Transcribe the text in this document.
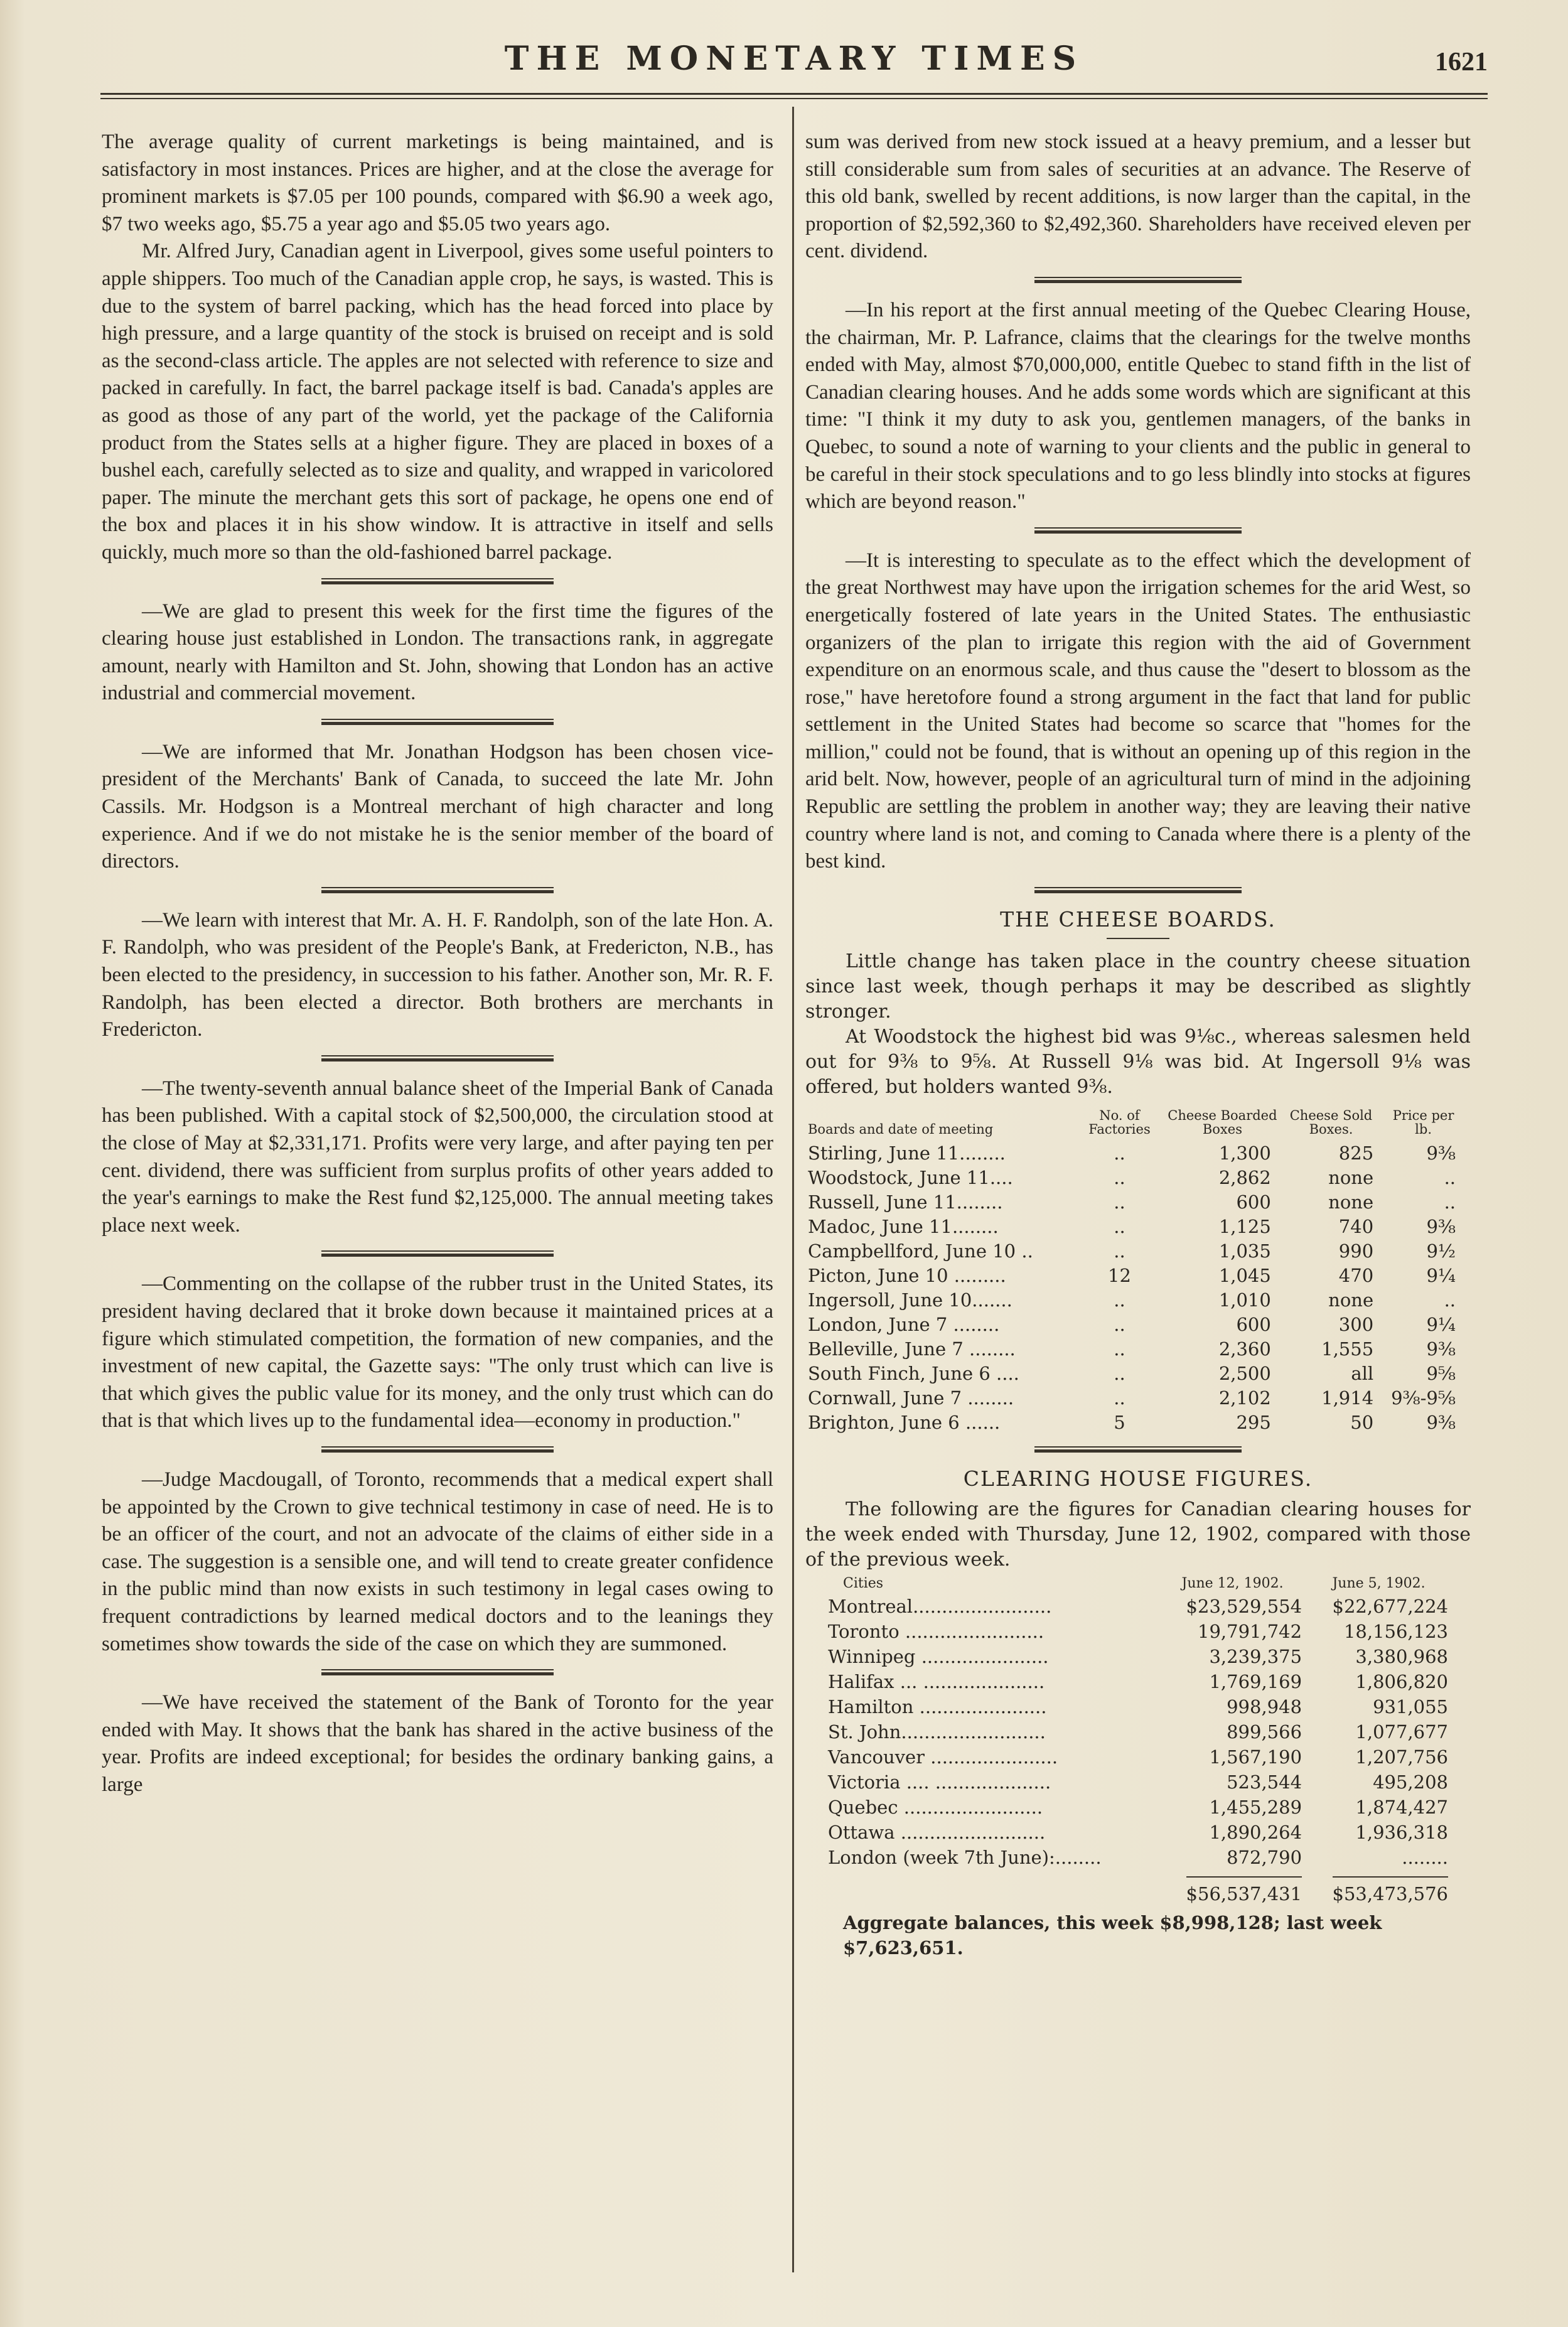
THE MONETARY TIMES	1621

The average quality of current marketings is being maintained, and is satisfactory in most instances. Prices are higher, and at the close the average for prominent markets is $7.05 per 100 pounds, compared with $6.90 a week ago, $7 two weeks ago, $5.75 a year ago and $5.05 two years ago.

Mr. Alfred Jury, Canadian agent in Liverpool, gives some useful pointers to apple shippers. Too much of the Canadian apple crop, he says, is wasted. This is due to the system of barrel packing, which has the head forced into place by high pressure, and a large quantity of the stock is bruised on receipt and is sold as the second-class article. The apples are not selected with reference to size and packed in carefully. In fact, the barrel package itself is bad. Canada's apples are as good as those of any part of the world, yet the package of the California product from the States sells at a higher figure. They are placed in boxes of a bushel each, carefully selected as to size and quality, and wrapped in varicolored paper. The minute the merchant gets this sort of package, he opens one end of the box and places it in his show window. It is attractive in itself and sells quickly, much more so than the old-fashioned barrel package.

—We are glad to present this week for the first time the figures of the clearing house just established in London. The transactions rank, in aggregate amount, nearly with Hamilton and St. John, showing that London has an active industrial and commercial movement.

—We are informed that Mr. Jonathan Hodgson has been chosen vice-president of the Merchants' Bank of Canada, to succeed the late Mr. John Cassils. Mr. Hodgson is a Montreal merchant of high character and long experience. And if we do not mistake he is the senior member of the board of directors.

—We learn with interest that Mr. A. H. F. Randolph, son of the late Hon. A. F. Randolph, who was president of the People's Bank, at Fredericton, N.B., has been elected to the presidency, in succession to his father. Another son, Mr. R. F. Randolph, has been elected a director. Both brothers are merchants in Fredericton.

—The twenty-seventh annual balance sheet of the Imperial Bank of Canada has been published. With a capital stock of $2,500,000, the circulation stood at the close of May at $2,331,171. Profits were very large, and after paying ten per cent. dividend, there was sufficient from surplus profits of other years added to the year's earnings to make the Rest fund $2,125,000. The annual meeting takes place next week.

—Commenting on the collapse of the rubber trust in the United States, its president having declared that it broke down because it maintained prices at a figure which stimulated competition, the formation of new companies, and the investment of new capital, the Gazette says: "The only trust which can live is that which gives the public value for its money, and the only trust which can do that is that which lives up to the fundamental idea—economy in production."

—Judge Macdougall, of Toronto, recommends that a medical expert shall be appointed by the Crown to give technical testimony in case of need. He is to be an officer of the court, and not an advocate of the claims of either side in a case. The suggestion is a sensible one, and will tend to create greater confidence in the public mind than now exists in such testimony in legal cases owing to frequent contradictions by learned medical doctors and to the leanings they sometimes show towards the side of the case on which they are summoned.

—We have received the statement of the Bank of Toronto for the year ended with May. It shows that the bank has shared in the active business of the year. Profits are indeed exceptional; for besides the ordinary banking gains, a large

sum was derived from new stock issued at a heavy premium, and a lesser but still considerable sum from sales of securities at an advance. The Reserve of this old bank, swelled by recent additions, is now larger than the capital, in the proportion of $2,592,360 to $2,492,360. Shareholders have received eleven per cent. dividend.

—In his report at the first annual meeting of the Quebec Clearing House, the chairman, Mr. P. Lafrance, claims that the clearings for the twelve months ended with May, almost $70,000,000, entitle Quebec to stand fifth in the list of Canadian clearing houses. And he adds some words which are significant at this time: "I think it my duty to ask you, gentlemen managers, of the banks in Quebec, to sound a note of warning to your clients and the public in general to be careful in their stock speculations and to go less blindly into stocks at figures which are beyond reason."

—It is interesting to speculate as to the effect which the development of the great Northwest may have upon the irrigation schemes for the arid West, so energetically fostered of late years in the United States. The enthusiastic organizers of the plan to irrigate this region with the aid of Government expenditure on an enormous scale, and thus cause the "desert to blossom as the rose," have heretofore found a strong argument in the fact that land for public settlement in the United States had become so scarce that "homes for the million," could not be found, that is without an opening up of this region in the arid belt. Now, however, people of an agricultural turn of mind in the adjoining Republic are settling the problem in another way; they are leaving their native country where land is not, and coming to Canada where there is a plenty of the best kind.

THE CHEESE BOARDS.

Little change has taken place in the country cheese situation since last week, though perhaps it may be described as slightly stronger.

At Woodstock the highest bid was 9⅛c., whereas salesmen held out for 9⅜ to 9⅝. At Russell 9⅛ was bid. At Ingersoll 9⅛ was offered, but holders wanted 9⅜.

Boards and date of meeting	No. of Factories	Cheese Boarded Boxes	Cheese Sold Boxes.	Price per lb.
Stirling, June 11........	..	1,300	825	9⅜
Woodstock, June 11....	..	2,862	none	..
Russell, June 11........	..	600	none	..
Madoc, June 11........	..	1,125	740	9⅜
Campbellford, June 10 ..	..	1,035	990	9½
Picton, June 10 .........	12	1,045	470	9¼
Ingersoll, June 10.......	..	1,010	none	..
London, June 7 ........	..	600	300	9¼
Belleville, June 7 ........	..	2,360	1,555	9⅜
South Finch, June 6 ....	..	2,500	all	9⅝
Cornwall, June 7 ........	..	2,102	1,914	9⅜-9⅝
Brighton, June 6 ......	5	295	50	9⅜
CLEARING HOUSE FIGURES.

The following are the figures for Canadian clearing houses for the week ended with Thursday, June 12, 1902, compared with those of the previous week.

Cities	June 12, 1902.	June 5, 1902.
Montreal........................	$23,529,554	$22,677,224
Toronto ........................	19,791,742	18,156,123
Winnipeg ......................	3,239,375	3,380,968
Halifax ... .....................	1,769,169	1,806,820
Hamilton ......................	998,948	931,055
St. John.........................	899,566	1,077,677
Vancouver ......................	1,567,190	1,207,756
Victoria .... ....................	523,544	495,208
Quebec ........................	1,455,289	1,874,427
Ottawa .........................	1,890,264	1,936,318
London (week 7th June):........	872,790	........
	$56,537,431	$53,473,576
Aggregate balances, this week $8,998,128; last week $7,623,651.
